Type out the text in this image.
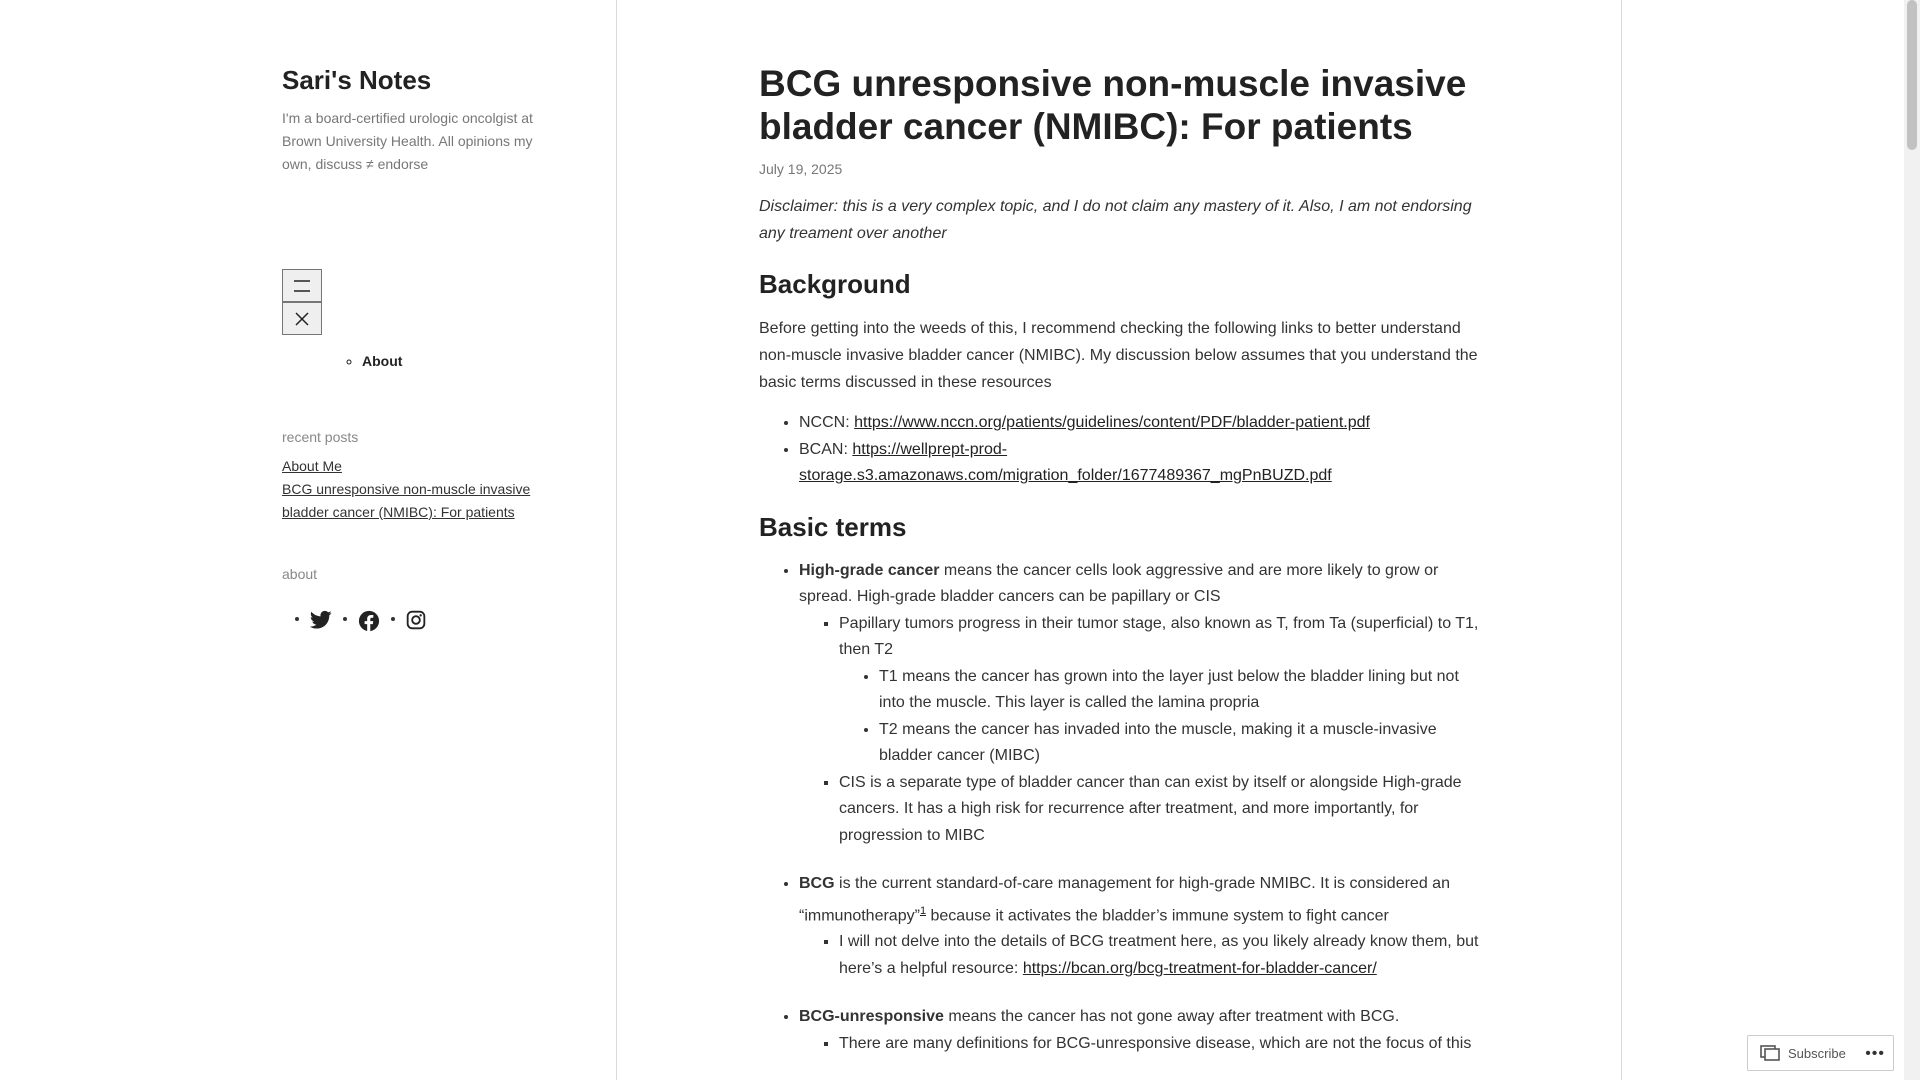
Sari's Notes
I'm a board-certified urologic oncolgist at Brown University Health. All opinions my own, discuss ≠ endorse
◦ About
recent posts
About Me
BCG unresponsive non-muscle invasive bladder cancer (NMIBC): For patients
about
•
•
•
BCG unresponsive non-muscle invasive bladder cancer (NMIBC): For patients
July 19, 2025
Disclaimer: this is a very complex topic, and I do not claim any mastery of it. Also, I am not endorsing any treament over another
Background

Before getting into the weeds of this, I recommend checking the following links to better understand non-muscle invasive bladder cancer (NMIBC). My discussion below assumes that you understand the basic terms discussed in these resources

• NCCN: https://www.nccn.org/patients/guidelines/content/PDF/bladder-patient.pdf
• BCAN: https://wellprept-prod-storage.s3.amazonaws.com/migration_folder/1677489367_mgPnBUZD.pdf
Basic terms
• High-grade cancer means the cancer cells look aggressive and are more likely to grow or spread. High-grade bladder cancers can be papillary or CIS
▪ Papillary tumors progress in their tumor stage, also known as T, from Ta (superficial) to T1, then T2
• T1 means the cancer has grown into the layer just below the bladder lining but not into the muscle. This layer is called the lamina propria
• T2 means the cancer has invaded into the muscle, making it a muscle-invasive bladder cancer (MIBC)
▪ CIS is a separate type of bladder cancer than can exist by itself or alongside High-grade cancers. It has a high risk for recurrence after treatment, and more importantly, for progression to MIBC
• BCG is the current standard-of-care management for high-grade NMIBC. It is considered an “immunotherapy”$^1$ because it activates the bladder’s immune system to fight cancer
▪ I will not delve into the details of BCG treatment here, as you likely already know them, but here’s a helpful resource: https://bcan.org/bcg-treatment-for-bladder-cancer/
• BCG-unresponsive means the cancer has not gone away after treatment with BCG.
▪ There are many definitions for BCG-unresponsive disease, which are not the focus of this
Subscribe •••
